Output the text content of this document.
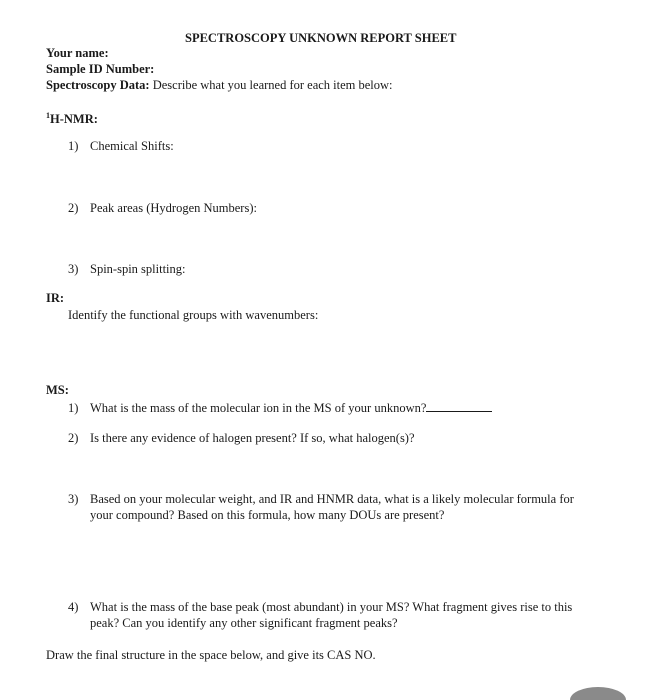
SPECTROSCOPY UNKNOWN REPORT SHEET
Your name:
Sample ID Number:
Spectroscopy Data: Describe what you learned for each item below:
$^1$H-NMR:
1) Chemical Shifts:
2) Peak areas (Hydrogen Numbers):
3) Spin-spin splitting:
IR:
Identify the functional groups with wavenumbers:
MS:
1) What is the mass of the molecular ion in the MS of your unknown?
2) Is there any evidence of halogen present? If so, what halogen(s)?
3) Based on your molecular weight, and IR and HNMR data, what is a likely molecular formula for
your compound? Based on this formula, how many DOUs are present?
4) What is the mass of the base peak (most abundant) in your MS? What fragment gives rise to this
peak? Can you identify any other significant fragment peaks?
Draw the final structure in the space below, and give its CAS NO.
